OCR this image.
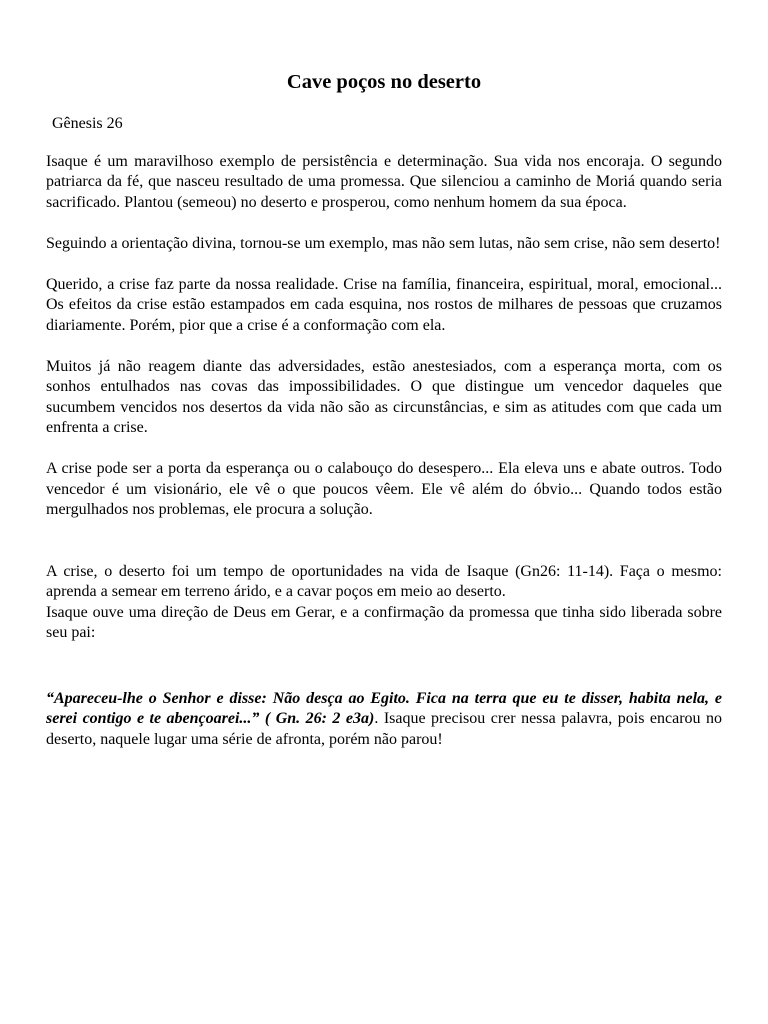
Cave poços no deserto
Gênesis 26

Isaque é um maravilhoso exemplo de persistência e determinação. Sua vida nos encoraja. O segundo patriarca da fé, que nasceu resultado de uma promessa. Que silenciou a caminho de Moriá quando seria sacrificado. Plantou (semeou) no deserto e prosperou, como nenhum homem da sua época.

Seguindo a orientação divina, tornou-se um exemplo, mas não sem lutas, não sem crise, não sem deserto!

Querido, a crise faz parte da nossa realidade. Crise na família, financeira, espiritual, moral, emocional... Os efeitos da crise estão estampados em cada esquina, nos rostos de milhares de pessoas que cruzamos diariamente. Porém, pior que a crise é a conformação com ela.

Muitos já não reagem diante das adversidades, estão anestesiados, com a esperança morta, com os sonhos entulhados nas covas das impossibilidades. O que distingue um vencedor daqueles que sucumbem vencidos nos desertos da vida não são as circunstâncias, e sim as atitudes com que cada um enfrenta a crise.

A crise pode ser a porta da esperança ou o calabouço do desespero... Ela eleva uns e abate outros. Todo vencedor é um visionário, ele vê o que poucos vêem. Ele vê além do óbvio... Quando todos estão mergulhados nos problemas, ele procura a solução.

A crise, o deserto foi um tempo de oportunidades na vida de Isaque (Gn26: 11-14). Faça o mesmo: aprenda a semear em terreno árido, e a cavar poços em meio ao deserto.

Isaque ouve uma direção de Deus em Gerar, e a confirmação da promessa que tinha sido liberada sobre seu pai:

“Apareceu-lhe o Senhor e disse: Não desça ao Egito. Fica na terra que eu te disser, habita nela, e serei contigo e te abençoarei...” ( Gn. 26: 2 e3a). Isaque precisou crer nessa palavra, pois encarou no deserto, naquele lugar uma série de afronta, porém não parou!
